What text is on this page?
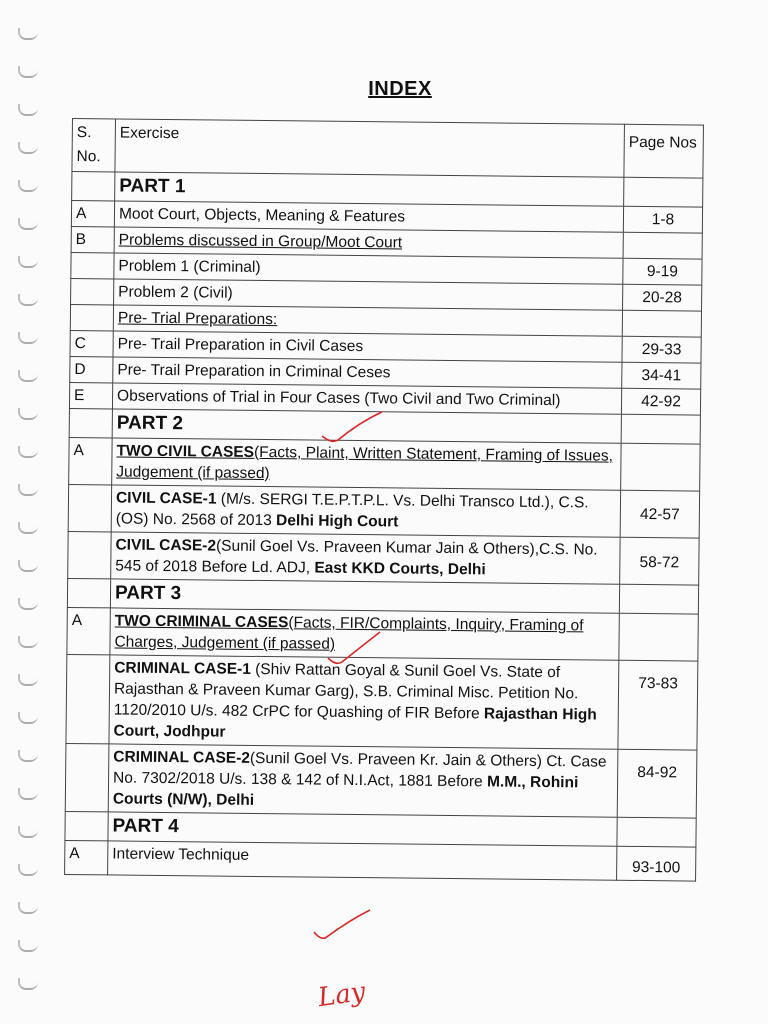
INDEX
S. No.	Exercise	Page Nos
	PART 1	
A	Moot Court, Objects, Meaning & Features	1-8
B	Problems discussed in Group/Moot Court	
	Problem 1 (Criminal)	9-19
	Problem 2 (Civil)	20-28
	Pre- Trial Preparations:	
C	Pre- Trail Preparation in Civil Cases	29-33
D	Pre- Trail Preparation in Criminal Ceses	34-41
E	Observations of Trial in Four Cases (Two Civil and Two Criminal)	42-92
	PART 2	
A	TWO CIVIL CASES(Facts, Plaint, Written Statement, Framing of Issues, Judgement (if passed)	
	CIVIL CASE-1 (M/s. SERGI T.E.P.T.P.L. Vs. Delhi Transco Ltd.), C.S. (OS) No. 2568 of 2013 Delhi High Court	42-57
	CIVIL CASE-2(Sunil Goel Vs. Praveen Kumar Jain & Others),C.S. No. 545 of 2018 Before Ld. ADJ, East KKD Courts, Delhi	58-72
	PART 3	
A	TWO CRIMINAL CASES(Facts, FIR/Complaints, Inquiry, Framing of Charges, Judgement (if passed)	
	CRIMINAL CASE-1 (Shiv Rattan Goyal & Sunil Goel Vs. State of Rajasthan & Praveen Kumar Garg), S.B. Criminal Misc. Petition No. 1120/2010 U/s. 482 CrPC for Quashing of FIR Before Rajasthan High Court, Jodhpur	73-83
	CRIMINAL CASE-2(Sunil Goel Vs. Praveen Kr. Jain & Others) Ct. Case No. 7302/2018 U/s. 138 & 142 of N.I.Act, 1881 Before M.M., Rohini Courts (N/W), Delhi	84-92
	PART 4	
A	Interview Technique	93-100
Lay
